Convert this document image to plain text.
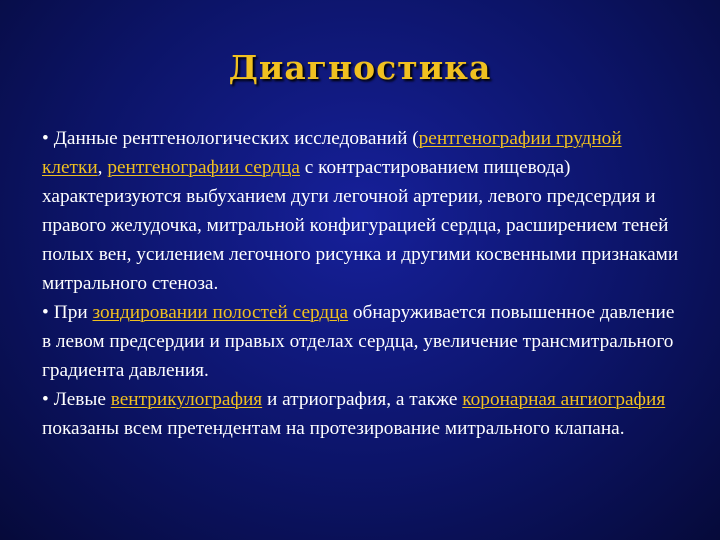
Диагностика

• Данные рентгенологических исследований (рентгенографии грудной клетки, рентгенографии сердца с контрастированием пищевода) характеризуются выбуханием дуги легочной артерии, левого предсердия и правого желудочка, митральной конфигурацией сердца, расширением теней полых вен, усилением легочного рисунка и другими косвенными признаками митрального стеноза.

• При зондировании полостей сердца обнаруживается повышенное давление в левом предсердии и правых отделах сердца, увеличение трансмитрального градиента давления.

• Левые вентрикулография и атриография, а также коронарная ангиография показаны всем претендентам на протезирование митрального клапана.
